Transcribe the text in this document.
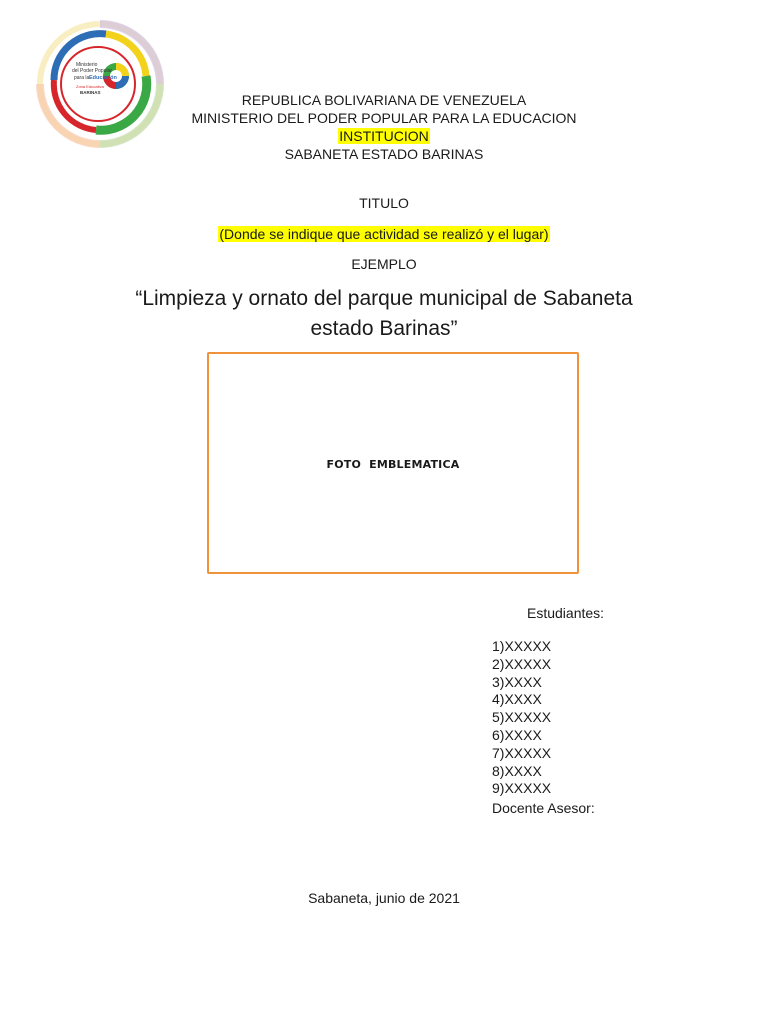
Ministerio
del Poder Popular
para la Educación
Zona Educativa
BARINAS	REPUBLICA BOLIVARIANA DE VENEZUELA
MINISTERIO DEL PODER POPULAR PARA LA EDUCACION
INSTITUCION
SABANETA ESTADO BARINAS
TITULO
(Donde se indique que actividad se realizó y el lugar)
EJEMPLO
“Limpieza y ornato del parque municipal de Sabaneta
estado Barinas”
FOTO  EMBLEMATICA
Estudiantes:
1)XXXXX
2)XXXXX
3)XXXX
4)XXXX
5)XXXXX
6)XXXX
7)XXXXX
8)XXXX
9)XXXXX
Docente Asesor:
Sabaneta, junio de 2021
